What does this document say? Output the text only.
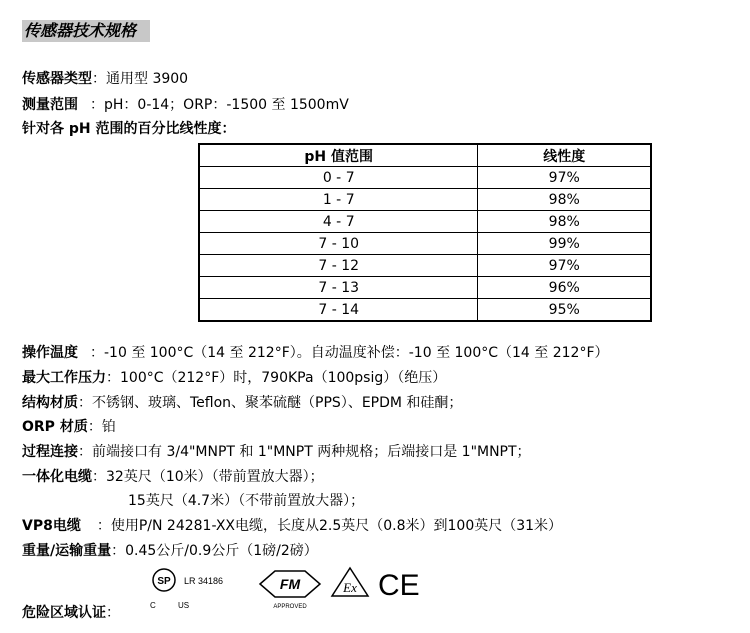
传感器技术规格
传感器类型：通用型 3900
测量范围 ：pH：0-14；ORP：-1500 至 1500mV
针对各 pH 范围的百分比线性度：
pH 值范围	线性度
0 - 7	97%
1 - 7	98%
4 - 7	98%
7 - 10	99%
7 - 12	97%
7 - 13	96%
7 - 14	95%
操作温度 ：-10 至 100°C（14 至 212°F）。自动温度补偿：-10 至 100°C（14 至 212°F）
最大工作压力：100°C（212°F）时，790KPa（100psig）（绝压）
结构材质：不锈钢、玻璃、Teflon、聚苯硫醚（PPS）、EPDM 和硅酮；
ORP 材质：铂
过程连接：前端接口有 3/4"MNPT 和 1"MNPT 两种规格；后端接口是 1"MNPT；
一体化电缆：32英尺（10米）（带前置放大器）；
15英尺（4.7米）（不带前置放大器）；
VP8电缆 ：使用P/N 24281-XX电缆，长度从2.5英尺（0.8米）到100英尺（31米）
重量/运输重量：0.45公斤/0.9公斤（1磅/2磅）
危险区域认证：
SP LR 34186
C	US
FM
APPROVED
Ex CE
